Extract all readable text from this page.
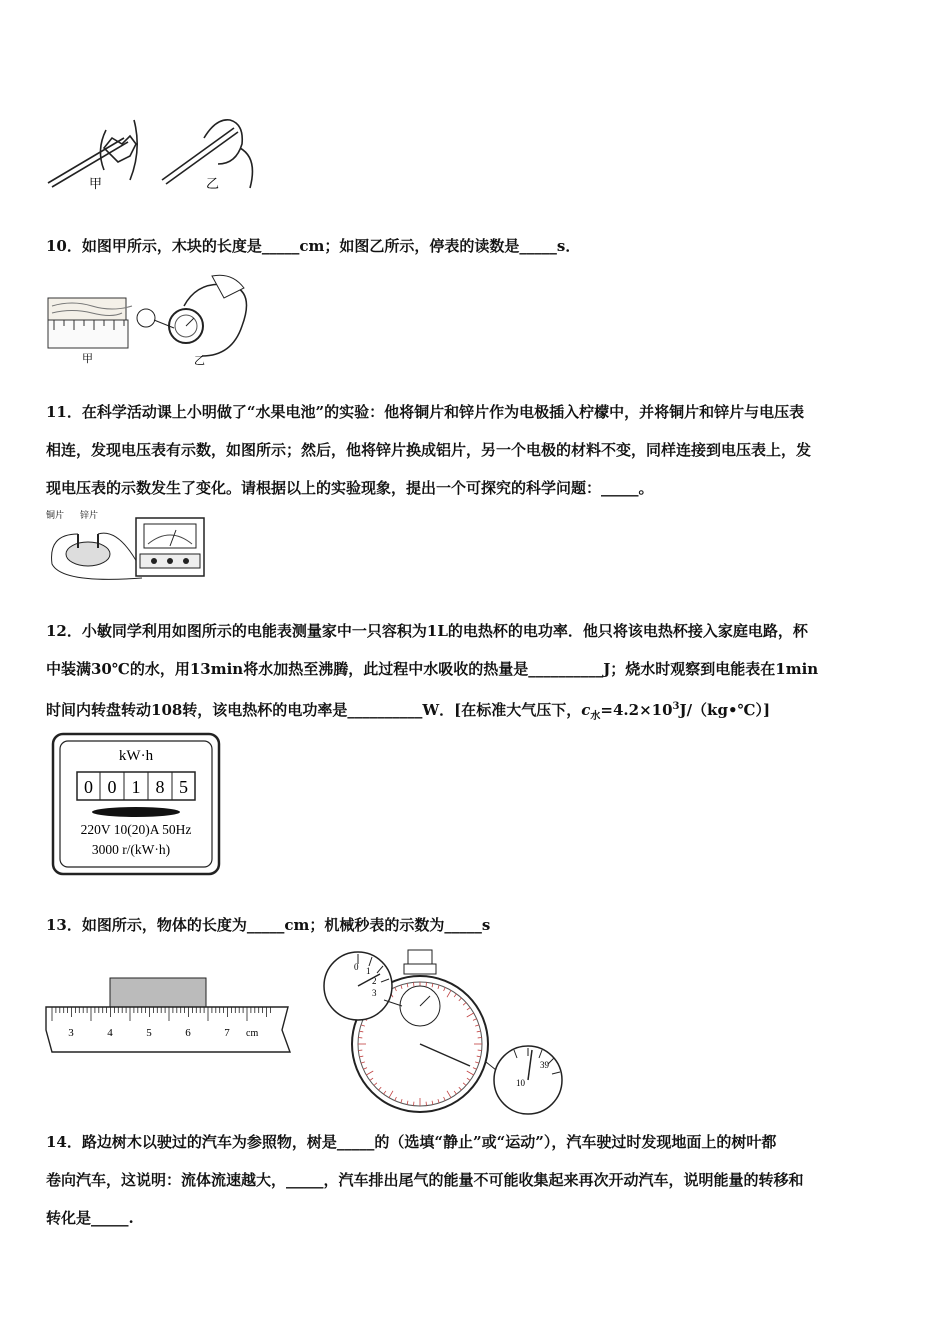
甲	乙

10．如图甲所示，木块的长度是_____cm；如图乙所示，停表的读数是_____s．

甲	乙

11．在科学活动课上小明做了“水果电池”的实验：他将铜片和锌片作为电极插入柠檬中，并将铜片和锌片与电压表

相连，发现电压表有示数，如图所示；然后，他将锌片换成铝片，另一个电极的材料不变，同样连接到电压表上，发

现电压表的示数发生了变化。请根据以上的实验现象，提出一个可探究的科学问题：_____。

铜片 锌片

12．小敏同学利用如图所示的电能表测量家中一只容积为1L的电热杯的电功率．他只将该电热杯接入家庭电路，杯

中装满30℃的水，用13min将水加热至沸腾，此过程中水吸收的热量是__________J；烧水时观察到电能表在1min

时间内转盘转动108转，该电热杯的电功率是__________W．[在标准大气压下，$c_水=4.2\times 10^3J/(kg•℃)$]

kW·h
0 0 1 8 5
220V 10(20)A 50Hz
3000 r/(kW·h)

13．如图所示，物体的长度为_____cm；机械秒表的示数为_____s

3	4	5	6	7 cm
0 1
2
3
39
10

14．路边树木以驶过的汽车为参照物，树是_____的（选填“静止”或“运动”），汽车驶过时发现地面上的树叶都

卷向汽车，这说明：流体流速越大，_____，汽车排出尾气的能量不可能收集起来再次开动汽车，说明能量的转移和

转化是_____.
